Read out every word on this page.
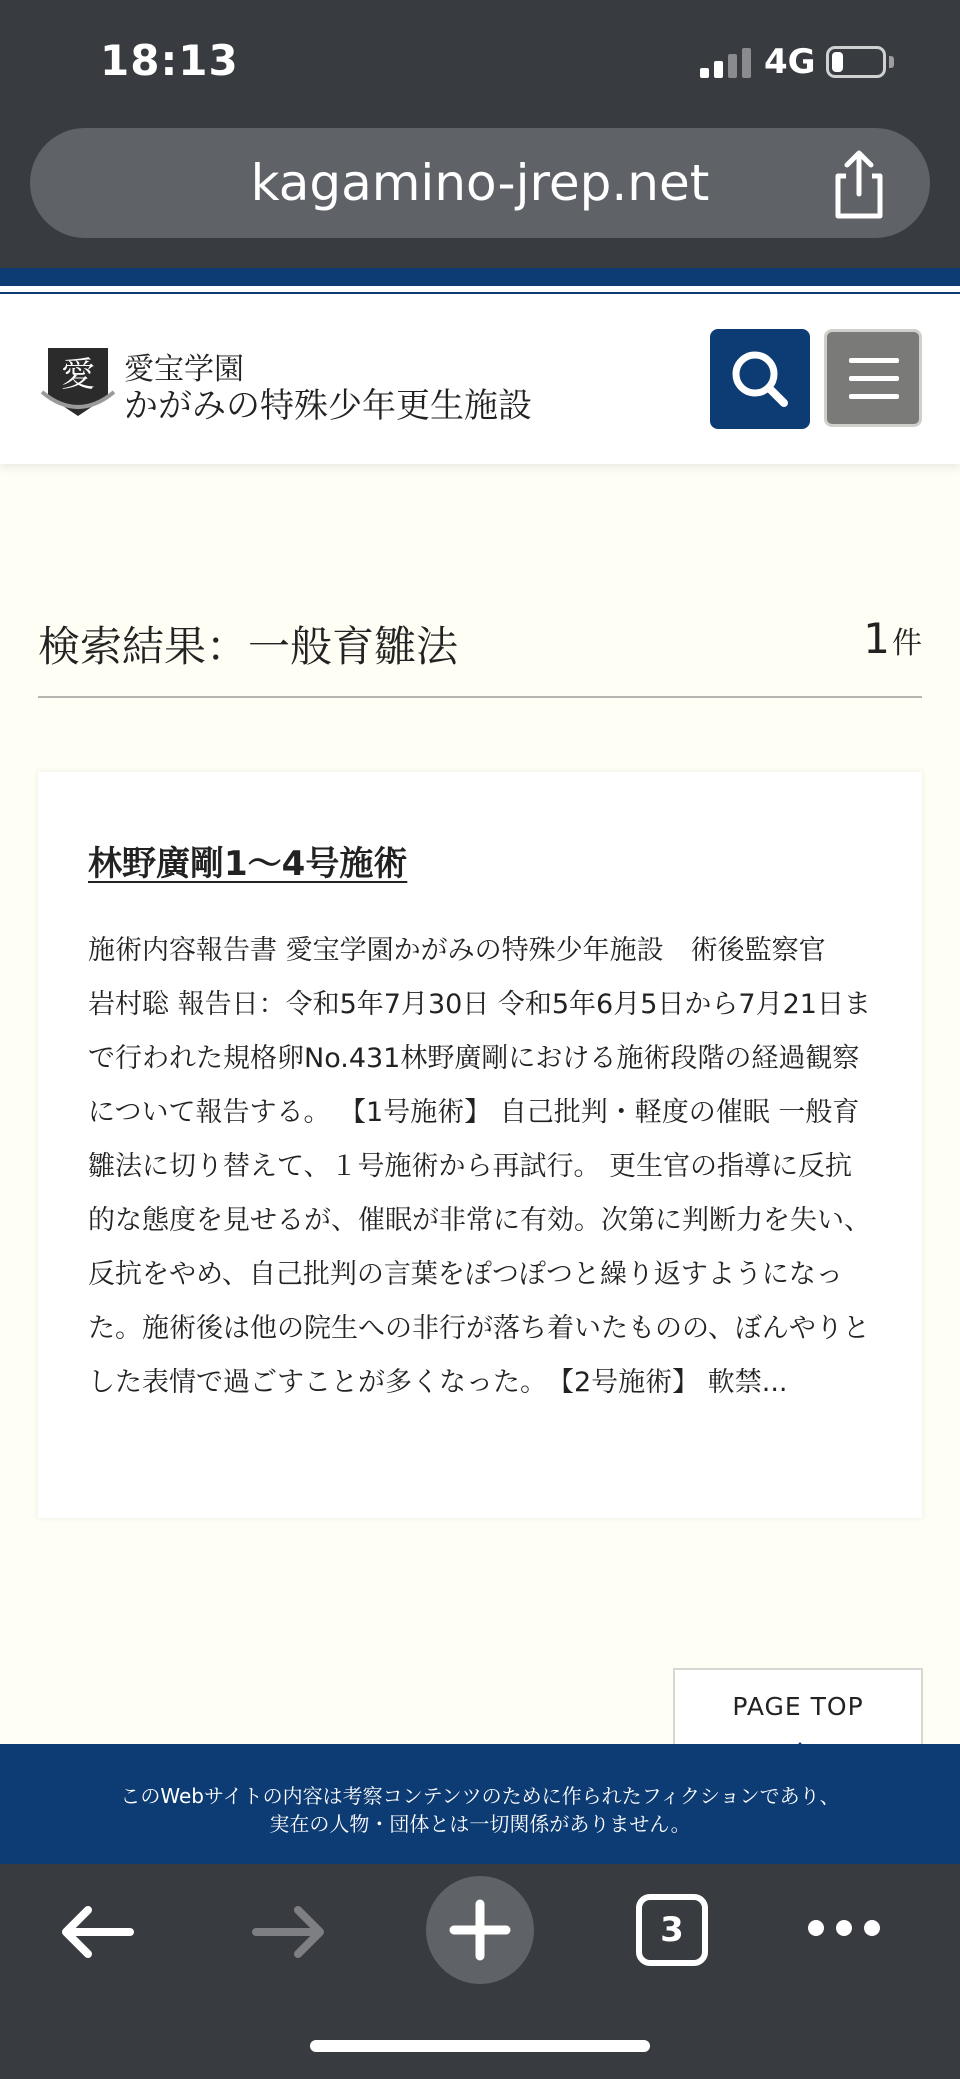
18:13	4G
kagamino-jrep.net
愛 愛宝学園
かがみの特殊少年更生施設
検索結果：一般育雛法	1件
林野廣剛1～4号施術

施術内容報告書 愛宝学園かがみの特殊少年施設　術後監察官　岩村聡 報告日：令和5年7月30日 令和5年6月5日から7月21日まで行われた規格卵No.431林野廣剛における施術段階の経過観察について報告する。 【1号施術】 自己批判・軽度の催眠 一般育雛法に切り替えて、１号施術から再試行。 更生官の指導に反抗的な態度を見せるが、催眠が非常に有効。次第に判断力を失い、反抗をやめ、自己批判の言葉をぽつぽつと繰り返すようになった。施術後は他の院生への非行が落ち着いたものの、ぼんやりとした表情で過ごすことが多くなった。　【2号施術】 軟禁...

PAGE TOP
このWebサイトの内容は考察コンテンツのために作られたフィクションであり、
実在の人物・団体とは一切関係がありません。
3
